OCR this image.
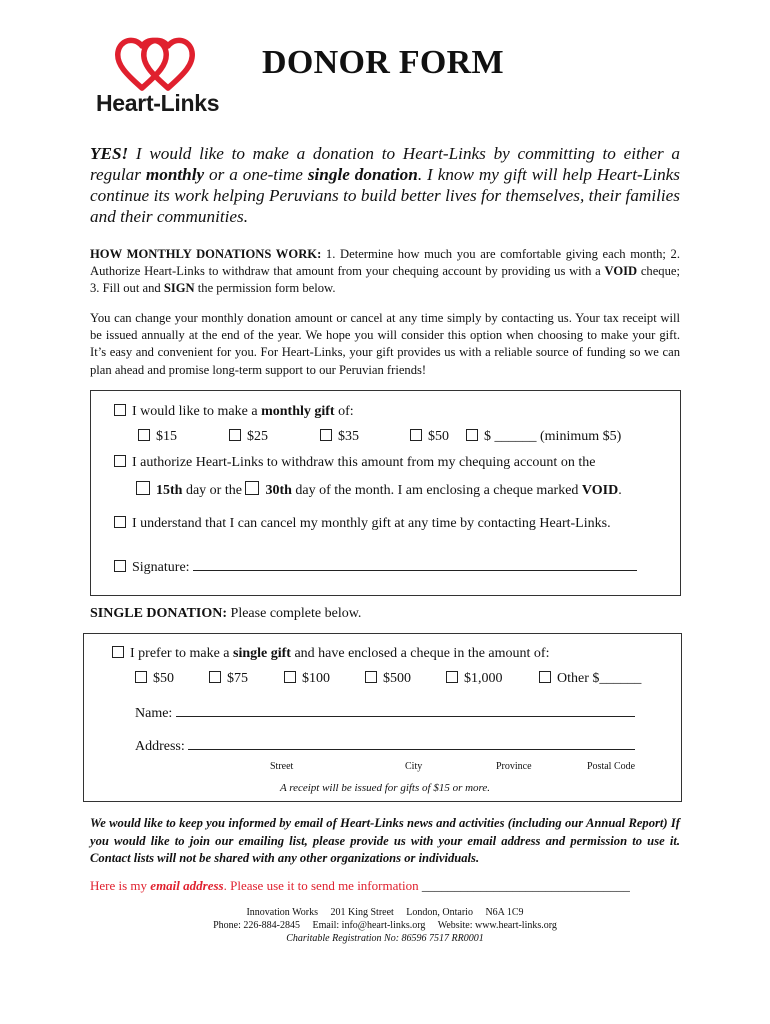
Heart-Links
DONOR FORM
YES! I would like to make a donation to Heart-Links by committing to either a regular monthly or a one-time single donation. I know my gift will help Heart-Links continue its work helping Peruvians to build better lives for themselves, their families and their communities.
HOW MONTHLY DONATIONS WORK: 1. Determine how much you are comfortable giving each month; 2. Authorize Heart-Links to withdraw that amount from your chequing account by providing us with a VOID cheque; 3. Fill out and SIGN the permission form below.
You can change your monthly donation amount or cancel at any time simply by contacting us. Your tax receipt will be issued annually at the end of the year. We hope you will consider this option when choosing to make your gift. It’s easy and convenient for you. For Heart-Links, your gift provides us with a reliable source of funding so we can plan ahead and promise long-term support to our Peruvian friends!
I would like to make a monthly gift of:
$15	$25	$35	$50	$ ______ (minimum $5)
I authorize Heart-Links to withdraw this amount from my chequing account on the
15th day or the 30th day of the month. I am enclosing a cheque marked VOID.
I understand that I can cancel my monthly gift at any time by contacting Heart-Links.
Signature:
SINGLE DONATION: Please complete below.
I prefer to make a single gift and have enclosed a cheque in the amount of:
$50	$75	$100	$500	$1,000	Other $______
Name:
Address:
Street	City	Province	Postal Code
A receipt will be issued for gifts of $15 or more.
We would like to keep you informed by email of Heart-Links news and activities (including our Annual Report) If you would like to join our emailing list, please provide us with your email address and permission to use it. Contact lists will not be shared with any other organizations or individuals.
Here is my email address. Please use it to send me information ________________________________
Innovation Works     201 King Street     London, Ontario     N6A 1C9
Phone: 226-884-2845     Email: info@heart-links.org     Website: www.heart-links.org
Charitable Registration No: 86596 7517 RR0001
